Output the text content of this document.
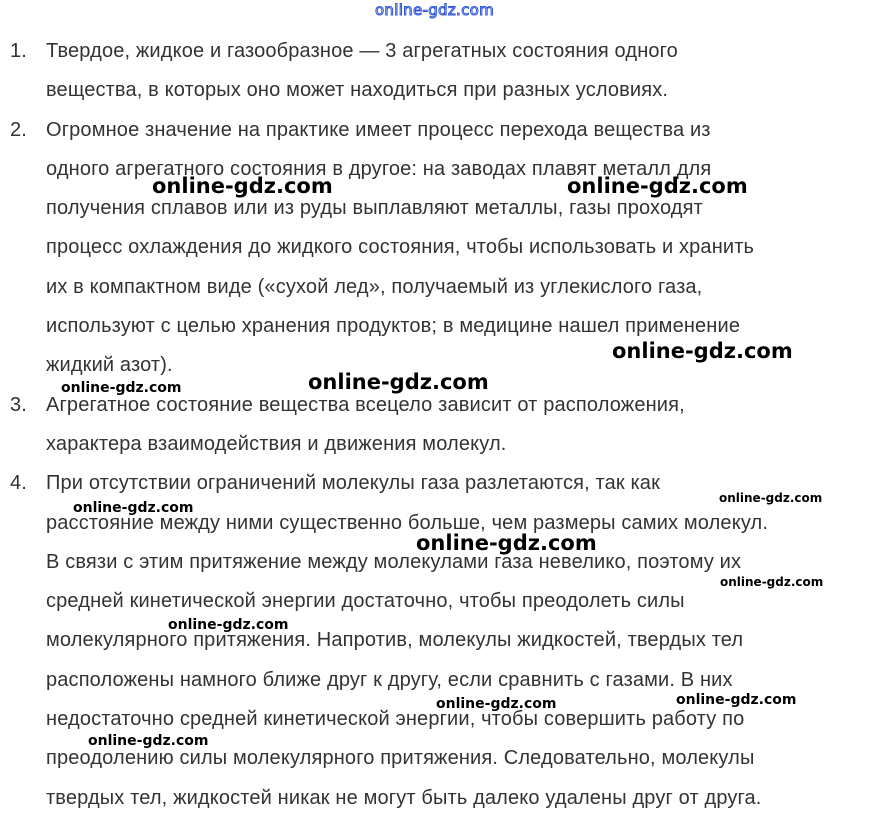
online-gdz.com
1. Твердое, жидкое и газообразное — 3 агрегатных состояния одного
вещества, в которых оно может находиться при разных условиях.
2. Огромное значение на практике имеет процесс перехода вещества из
одного агрегатного состояния в другое: на заводах плавят металл для
получения сплавов или из руды выплавляют металлы, газы проходят
процесс охлаждения до жидкого состояния, чтобы использовать и хранить
их в компактном виде («сухой лед», получаемый из углекислого газа,
используют с целью хранения продуктов; в медицине нашел применение
жидкий азот).
3. Агрегатное состояние вещества всецело зависит от расположения,
характера взаимодействия и движения молекул.
4. При отсутствии ограничений молекулы газа разлетаются, так как
расстояние между ними существенно больше, чем размеры самих молекул.
В связи с этим притяжение между молекулами газа невелико, поэтому их
средней кинетической энергии достаточно, чтобы преодолеть силы
молекулярного притяжения. Напротив, молекулы жидкостей, твердых тел
расположены намного ближе друг к другу, если сравнить с газами. В них
недостаточно средней кинетической энергии, чтобы совершить работу по
преодолению силы молекулярного притяжения. Следовательно, молекулы
твердых тел, жидкостей никак не могут быть далеко удалены друг от друга.
online-gdz.com	online-gdz.com
online-gdz.com
online-gdz.com	online-gdz.com
online-gdz.com
online-gdz.com
online-gdz.com
online-gdz.com
online-gdz.com
online-gdz.com
online-gdz.com
online-gdz.com
